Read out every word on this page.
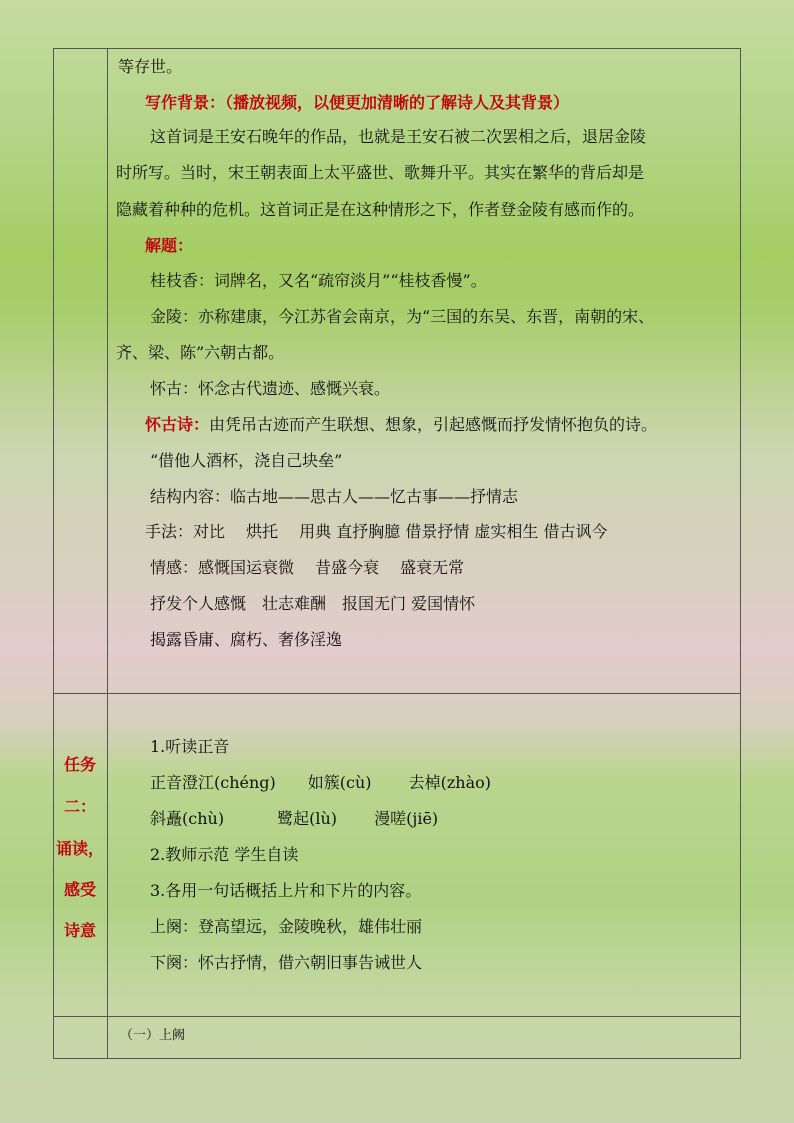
等存世。
写作背景：（播放视频，以便更加清晰的了解诗人及其背景）
这首词是王安石晚年的作品，也就是王安石被二次罢相之后，退居金陵
时所写。当时，宋王朝表面上太平盛世、歌舞升平。其实在繁华的背后却是
隐藏着种种的危机。这首词正是在这种情形之下，作者登金陵有感而作的。
解题：
桂枝香：词牌名，又名“疏帘淡月”“桂枝香慢”。
金陵：亦称建康，今江苏省会南京，为“三国的东吴、东晋，南朝的宋、
齐、梁、陈”六朝古都。
怀古：怀念古代遗迹、感慨兴衰。
怀古诗：由凭吊古迹而产生联想、想象，引起感慨而抒发情怀抱负的诗。
“借他人酒杯，浇自己块垒”
结构内容：临古地——思古人——忆古事——抒情志
手法：对比　 烘托　 用典 直抒胸臆 借景抒情 虚实相生 借古讽今
情感：感慨国运衰微　 昔盛今衰　 盛衰无常
抒发个人感慨　壮志难酬　报国无门 爱国情怀
揭露昏庸、腐朽、奢侈淫逸
任务
二：
诵读，
感受
诗意
1.听读正音
正音澄江(chéng)　　如簇(cù)　　 去棹(zhào)
斜矗(chù)　　　 鹭起(lù)　　 漫嗟(jiē)
2.教师示范 学生自读
3.各用一句话概括上片和下片的内容。
上阕：登高望远，金陵晚秋，雄伟壮丽
下阕：怀古抒情，借六朝旧事告诫世人
（一）上阙
